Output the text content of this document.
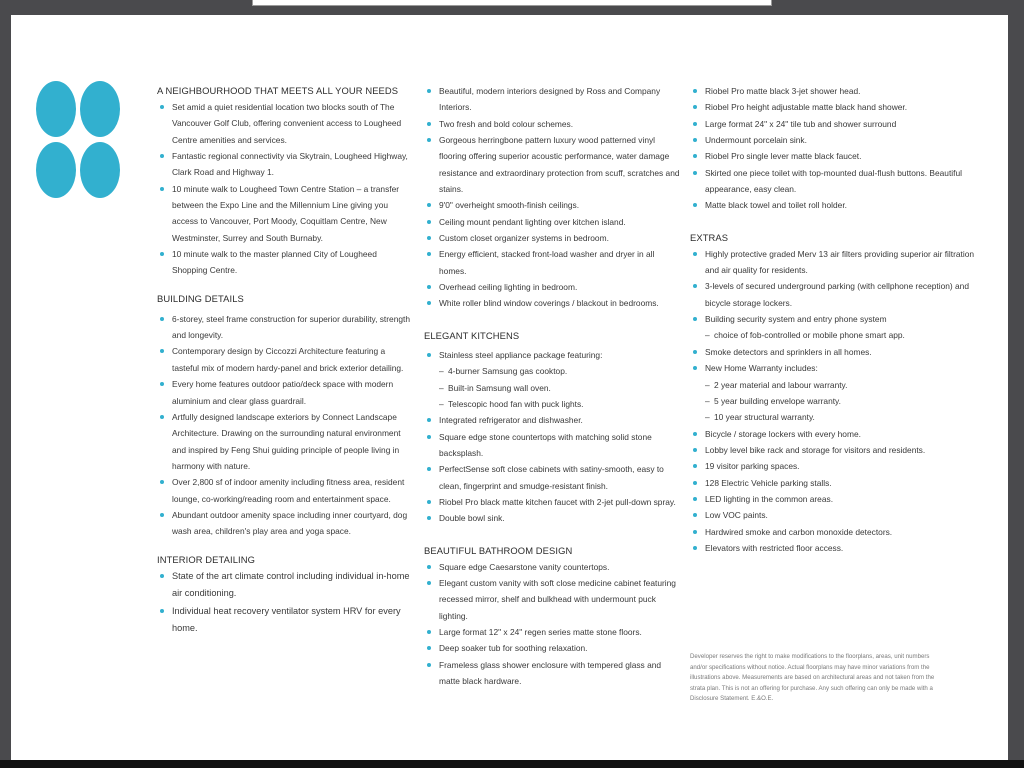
A NEIGHBOURHOOD THAT MEETS ALL YOUR NEEDS
Set amid a quiet residential location two blocks south of The Vancouver Golf Club, offering convenient access to Lougheed Centre amenities and services.
Fantastic regional connectivity via Skytrain, Lougheed Highway, Clark Road and Highway 1.
10 minute walk to Lougheed Town Centre Station – a transfer between the Expo Line and the Millennium Line giving you access to Vancouver, Port Moody, Coquitlam Centre, New Westminster, Surrey and South Burnaby.
10 minute walk to the master planned City of Lougheed Shopping Centre.
BUILDING DETAILS
6-storey, steel frame construction for superior durability, strength and longevity.
Contemporary design by Ciccozzi Architecture featuring a tasteful mix of modern hardy-panel and brick exterior detailing.
Every home features outdoor patio/deck space with modern aluminium and clear glass guardrail.
Artfully designed landscape exteriors by Connect Landscape Architecture. Drawing on the surrounding natural environment and inspired by Feng Shui guiding principle of people living in harmony with nature.
Over 2,800 sf of indoor amenity including fitness area, resident lounge, co-working/reading room and entertainment space.
Abundant outdoor amenity space including inner courtyard, dog wash area, children's play area and yoga space.
INTERIOR DETAILING
State of the art climate control including individual in-home air conditioning.
Individual heat recovery ventilator system HRV for every home.
Beautiful, modern interiors designed by Ross and Company Interiors.
Two fresh and bold colour schemes.
Gorgeous herringbone pattern luxury wood patterned vinyl flooring offering superior acoustic performance, water damage resistance and extraordinary protection from scuff, scratches and stains.
9'0" overheight smooth-finish ceilings.
Ceiling mount pendant lighting over kitchen island.
Custom closet organizer systems in bedroom.
Energy efficient, stacked front-load washer and dryer in all homes.
Overhead ceiling lighting in bedroom.
White roller blind window coverings / blackout in bedrooms.
ELEGANT KITCHENS
Stainless steel appliance package featuring:
– 4-burner Samsung gas cooktop.
– Built-in Samsung wall oven.
– Telescopic hood fan with puck lights.
Integrated refrigerator and dishwasher.
Square edge stone countertops with matching solid stone backsplash.
PerfectSense soft close cabinets with satiny-smooth, easy to clean, fingerprint and smudge-resistant finish.
Riobel Pro black matte kitchen faucet with 2-jet pull-down spray.
Double bowl sink.
BEAUTIFUL BATHROOM DESIGN
Square edge Caesarstone vanity countertops.
Elegant custom vanity with soft close medicine cabinet featuring recessed mirror, shelf and bulkhead with undermount puck lighting.
Large format 12" x 24" regen series matte stone floors.
Deep soaker tub for soothing relaxation.
Frameless glass shower enclosure with tempered glass and matte black hardware.
Riobel Pro matte black 3-jet shower head.
Riobel Pro height adjustable matte black hand shower.
Large format 24" x 24" tile tub and shower surround
Undermount porcelain sink.
Riobel Pro single lever matte black faucet.
Skirted one piece toilet with top-mounted dual-flush buttons. Beautiful appearance, easy clean.
Matte black towel and toilet roll holder.
EXTRAS
Highly protective graded Merv 13 air filters providing superior air filtration and air quality for residents.
3-levels of secured underground parking (with cellphone reception) and bicycle storage lockers.
Building security system and entry phone system
– choice of fob-controlled or mobile phone smart app.
Smoke detectors and sprinklers in all homes.
New Home Warranty includes:
– 2 year material and labour warranty.
– 5 year building envelope warranty.
– 10 year structural warranty.
Bicycle / storage lockers with every home.
Lobby level bike rack and storage for visitors and residents.
19 visitor parking spaces.
128 Electric Vehicle parking stalls.
LED lighting in the common areas.
Low VOC paints.
Hardwired smoke and carbon monoxide detectors.
Elevators with restricted floor access.
Developer reserves the right to make modifications to the floorplans, areas, unit numbers and/or specifications without notice. Actual floorplans may have minor variations from the illustrations above. Measurements are based on architectural areas and not taken from the strata plan. This is not an offering for purchase. Any such offering can only be made with a Disclosure Statement. E.&O.E.
